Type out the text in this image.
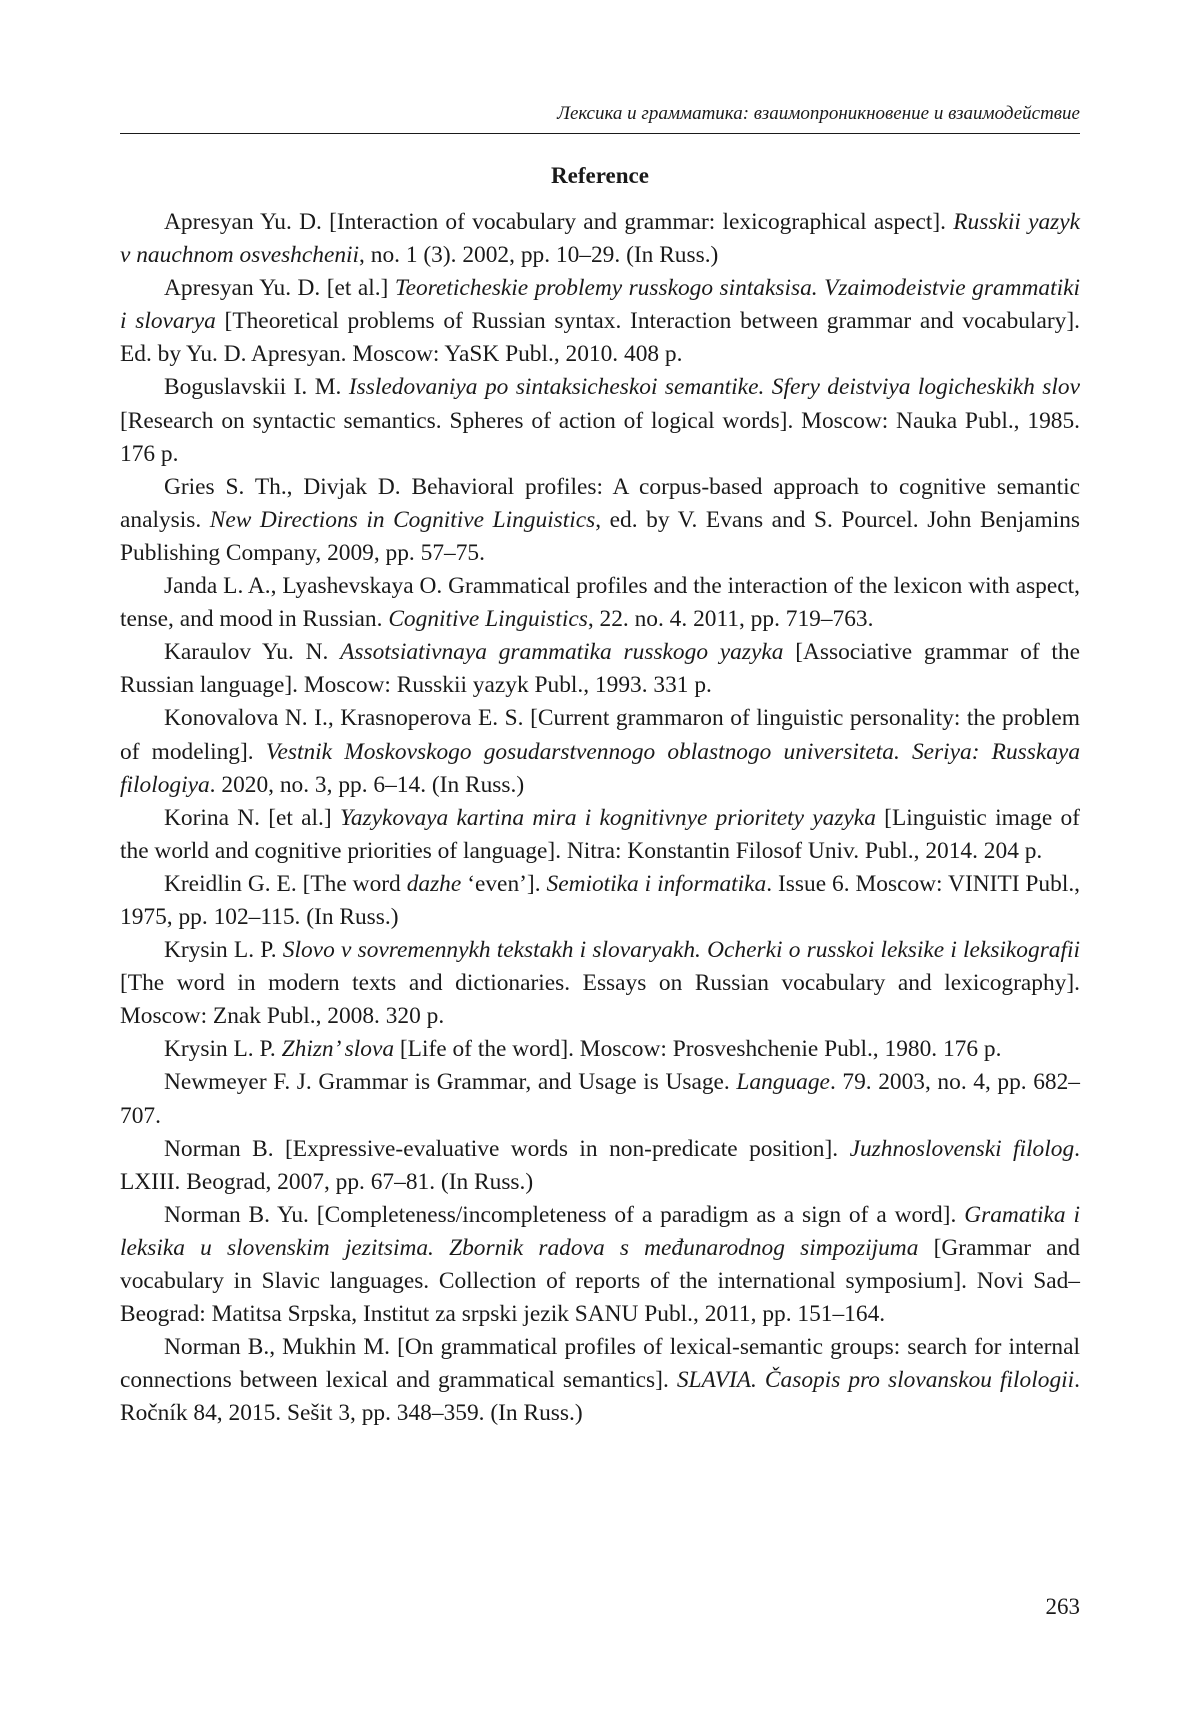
Лексика и грамматика: взаимопроникновение и взаимодействие
Reference

Apresyan Yu. D. [Interaction of vocabulary and grammar: lexicographical aspect]. Russkii yazyk v nauchnom osveshchenii, no. 1 (3). 2002, pp. 10–29. (In Russ.)

Apresyan Yu. D. [et al.] Teoreticheskie problemy russkogo sintaksisa. Vzaimodeistvie grammatiki i slovarya [Theoretical problems of Russian syntax. Interaction between grammar and vocabulary]. Ed. by Yu. D. Apresyan. Moscow: YaSK Publ., 2010. 408 p.

Boguslavskii I. M. Issledovaniya po sintaksicheskoi semantike. Sfery deistviya logicheskikh slov [Research on syntactic semantics. Spheres of action of logical words]. Moscow: Nauka Publ., 1985. 176 p.

Gries S. Th., Divjak D. Behavioral profiles: A corpus-based approach to cognitive semantic analysis. New Directions in Cognitive Linguistics, ed. by V. Evans and S. Pourcel. John Benjamins Publishing Company, 2009, pp. 57–75.

Janda L. A., Lyashevskaya O. Grammatical profiles and the interaction of the lexicon with aspect, tense, and mood in Russian. Cognitive Linguistics, 22. no. 4. 2011, pp. 719–763.

Karaulov Yu. N. Assotsiativnaya grammatika russkogo yazyka [Associative grammar of the Russian language]. Moscow: Russkii yazyk Publ., 1993. 331 p.

Konovalova N. I., Krasnoperova E. S. [Current grammaron of linguistic personality: the problem of modeling]. Vestnik Moskovskogo gosudarstvennogo oblastnogo universiteta. Seriya: Russkaya filologiya. 2020, no. 3, pp. 6–14. (In Russ.)

Korina N. [et al.] Yazykovaya kartina mira i kognitivnye prioritety yazyka [Linguistic image of the world and cognitive priorities of language]. Nitra: Konstantin Filosof Univ. Publ., 2014. 204 p.

Kreidlin G. E. [The word dazhe ‘even’]. Semiotika i informatika. Issue 6. Moscow: VINITI Publ., 1975, pp. 102–115. (In Russ.)

Krysin L. P. Slovo v sovremennykh tekstakh i slovaryakh. Ocherki o russkoi leksike i leksikografii [The word in modern texts and dictionaries. Essays on Russian vocabulary and lexicography]. Moscow: Znak Publ., 2008. 320 p.

Krysin L. P. Zhizn’ slova [Life of the word]. Moscow: Prosveshchenie Publ., 1980. 176 p.

Newmeyer F. J. Grammar is Grammar, and Usage is Usage. Language. 79. 2003, no. 4, pp. 682–707.

Norman B. [Expressive-evaluative words in non-predicate position]. Juzhnoslovenski filolog. LXIII. Beograd, 2007, pp. 67–81. (In Russ.)

Norman B. Yu. [Completeness/incompleteness of a paradigm as a sign of a word]. Gramatika i leksika u slovenskim jezitsima. Zbornik radova s međunarodnog simpozijuma [Grammar and vocabulary in Slavic languages. Collection of reports of the international symposium]. Novi Sad–Beograd: Matitsa Srpska, Institut za srpski jezik SANU Publ., 2011, pp. 151–164.

Norman B., Mukhin M. [On grammatical profiles of lexical-semantic groups: search for internal connections between lexical and grammatical semantics]. SLAVIA. Časopis pro slovanskou filologii. Ročník 84, 2015. Sešit 3, pp. 348–359. (In Russ.)

263
